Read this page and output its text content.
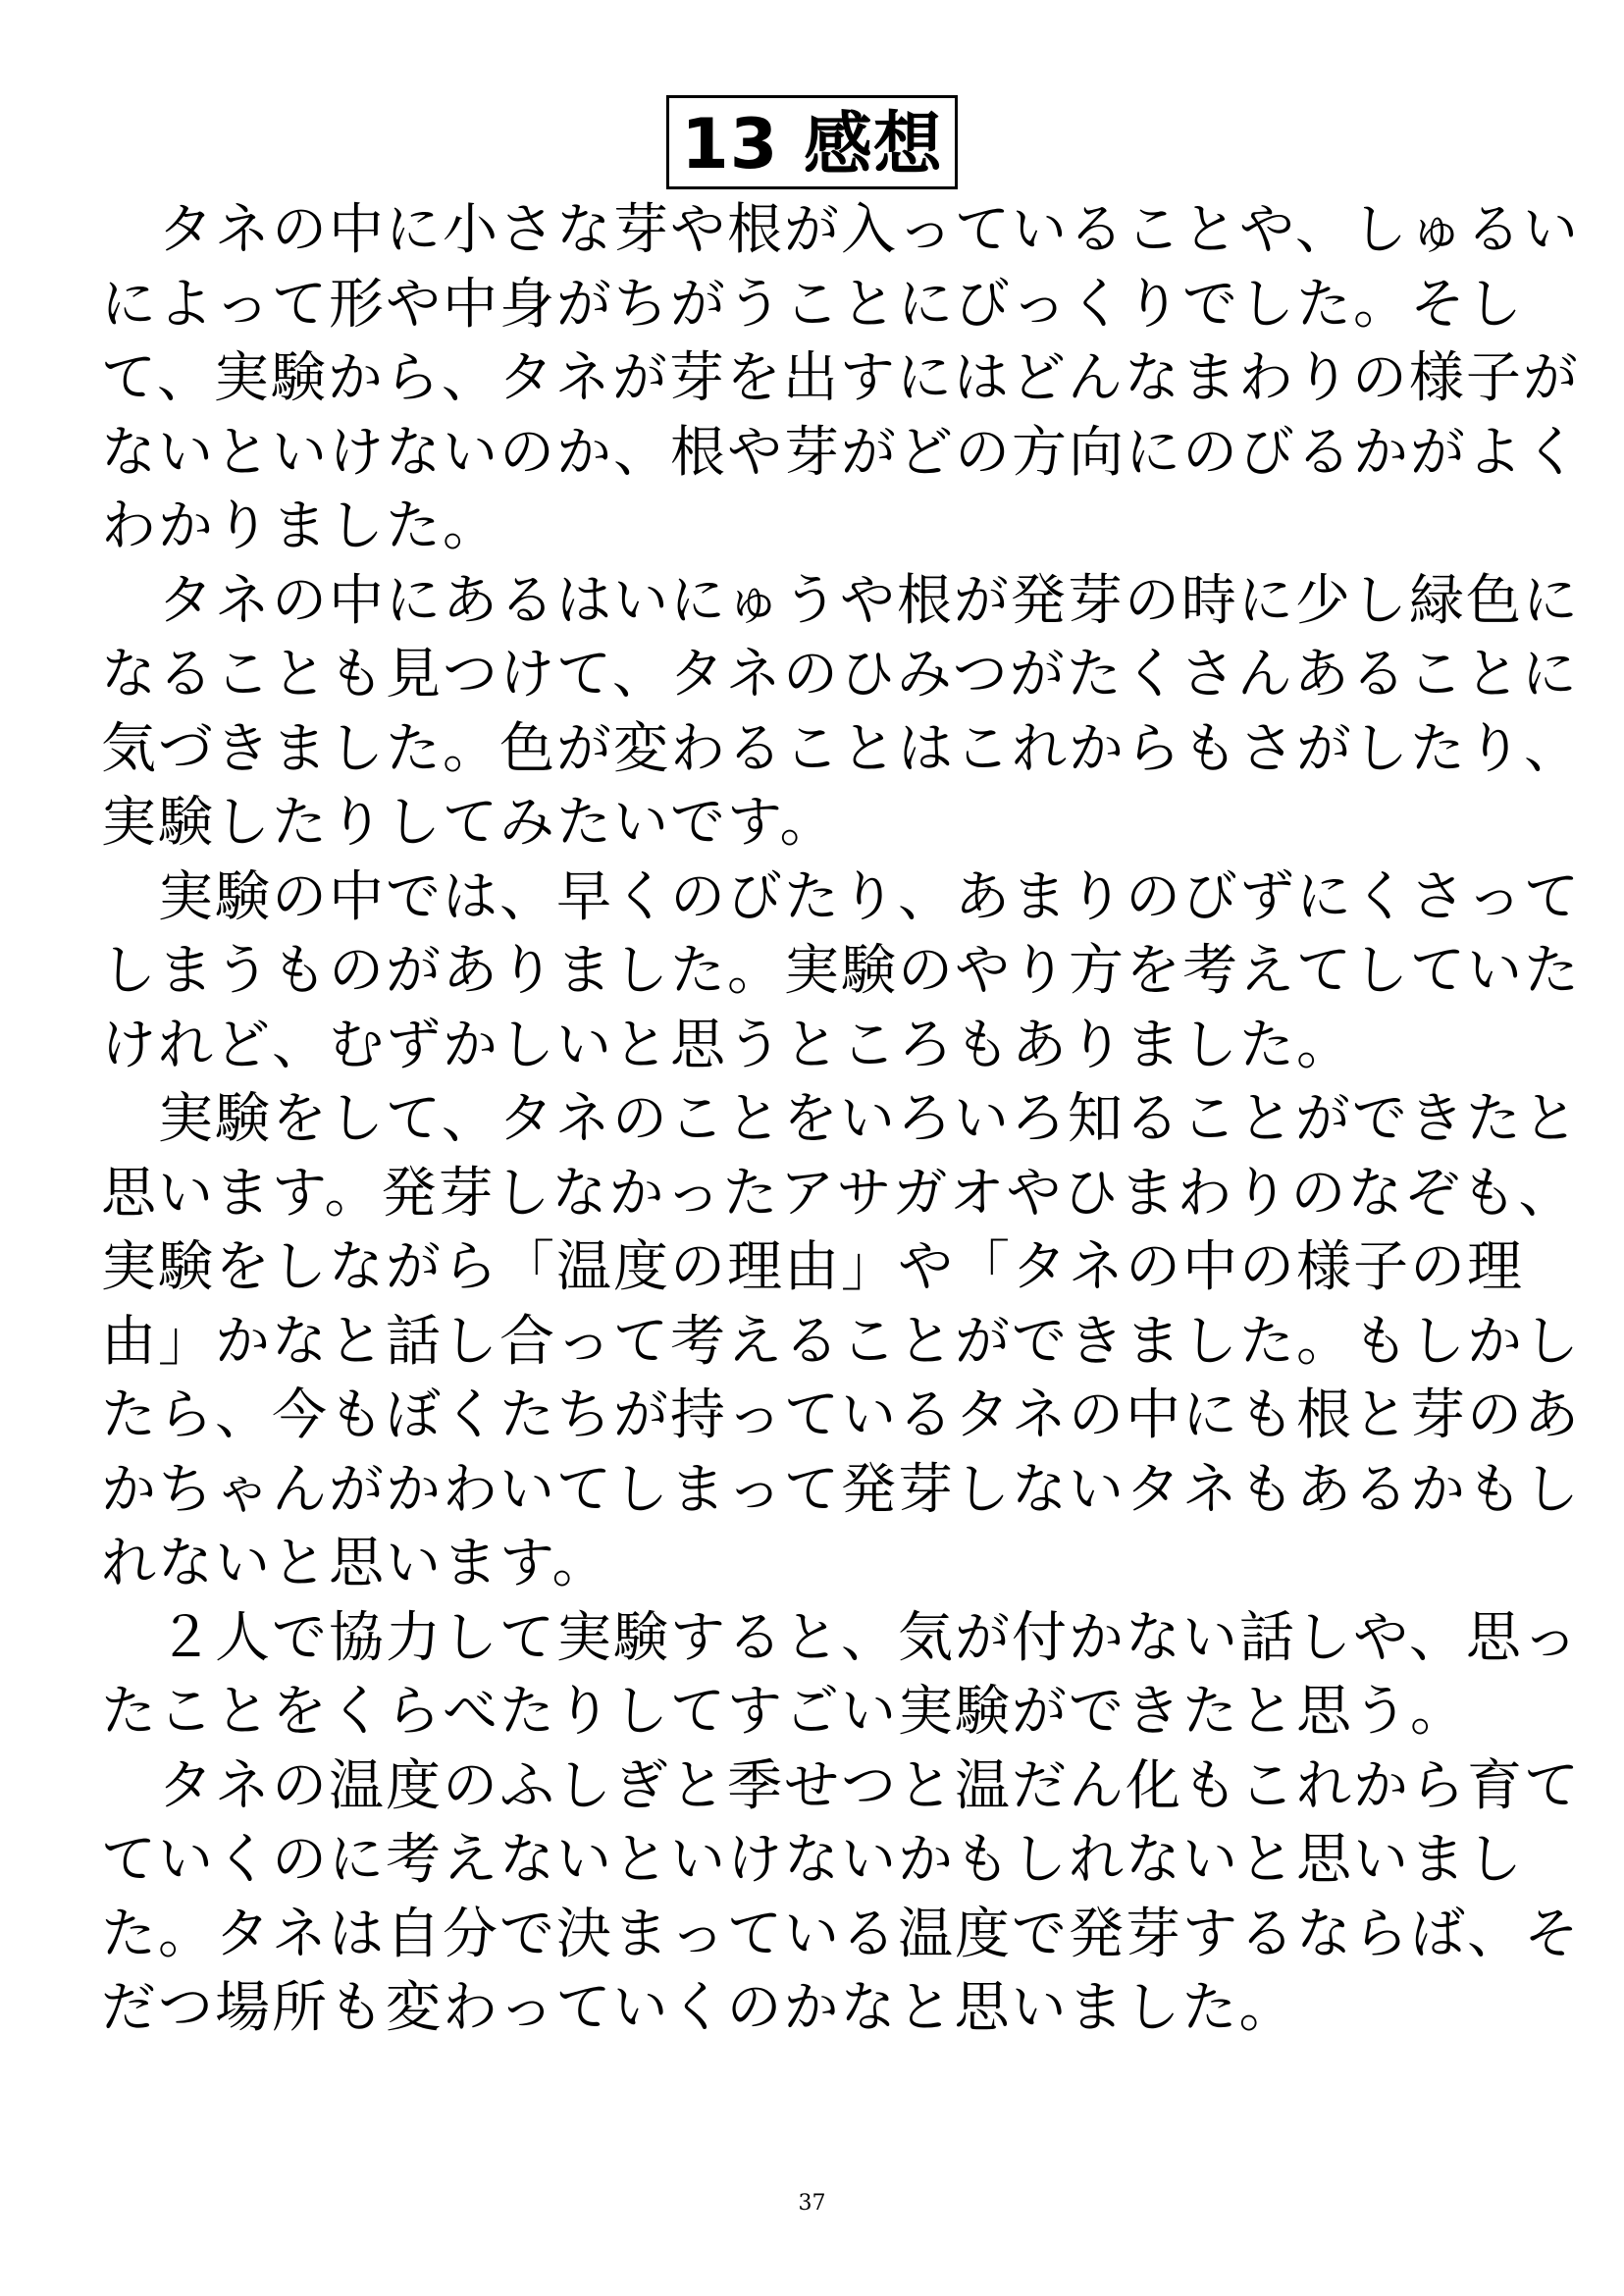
13 感想
　タネの中に小さな芽や根が入っていることや、しゅるい
によって形や中身がちがうことにびっくりでした。そし
て、実験から、タネが芽を出すにはどんなまわりの様子が
ないといけないのか、根や芽がどの方向にのびるかがよく
わかりました。
　タネの中にあるはいにゅうや根が発芽の時に少し緑色に
なることも見つけて、タネのひみつがたくさんあることに
気づきました。色が変わることはこれからもさがしたり、
実験したりしてみたいです。
　実験の中では、早くのびたり、あまりのびずにくさって
しまうものがありました。実験のやり方を考えてしていた
けれど、むずかしいと思うところもありました。
　実験をして、タネのことをいろいろ知ることができたと
思います。発芽しなかったアサガオやひまわりのなぞも、
実験をしながら「温度の理由」や「タネの中の様子の理
由」かなと話し合って考えることができました。もしかし
たら、今もぼくたちが持っているタネの中にも根と芽のあ
かちゃんがかわいてしまって発芽しないタネもあるかもし
れないと思います。
　２人で協力して実験すると、気が付かない話しや、思っ
たことをくらべたりしてすごい実験ができたと思う。
　タネの温度のふしぎと季せつと温だん化もこれから育て
ていくのに考えないといけないかもしれないと思いまし
た。タネは自分で決まっている温度で発芽するならば、そ
だつ場所も変わっていくのかなと思いました。
37
